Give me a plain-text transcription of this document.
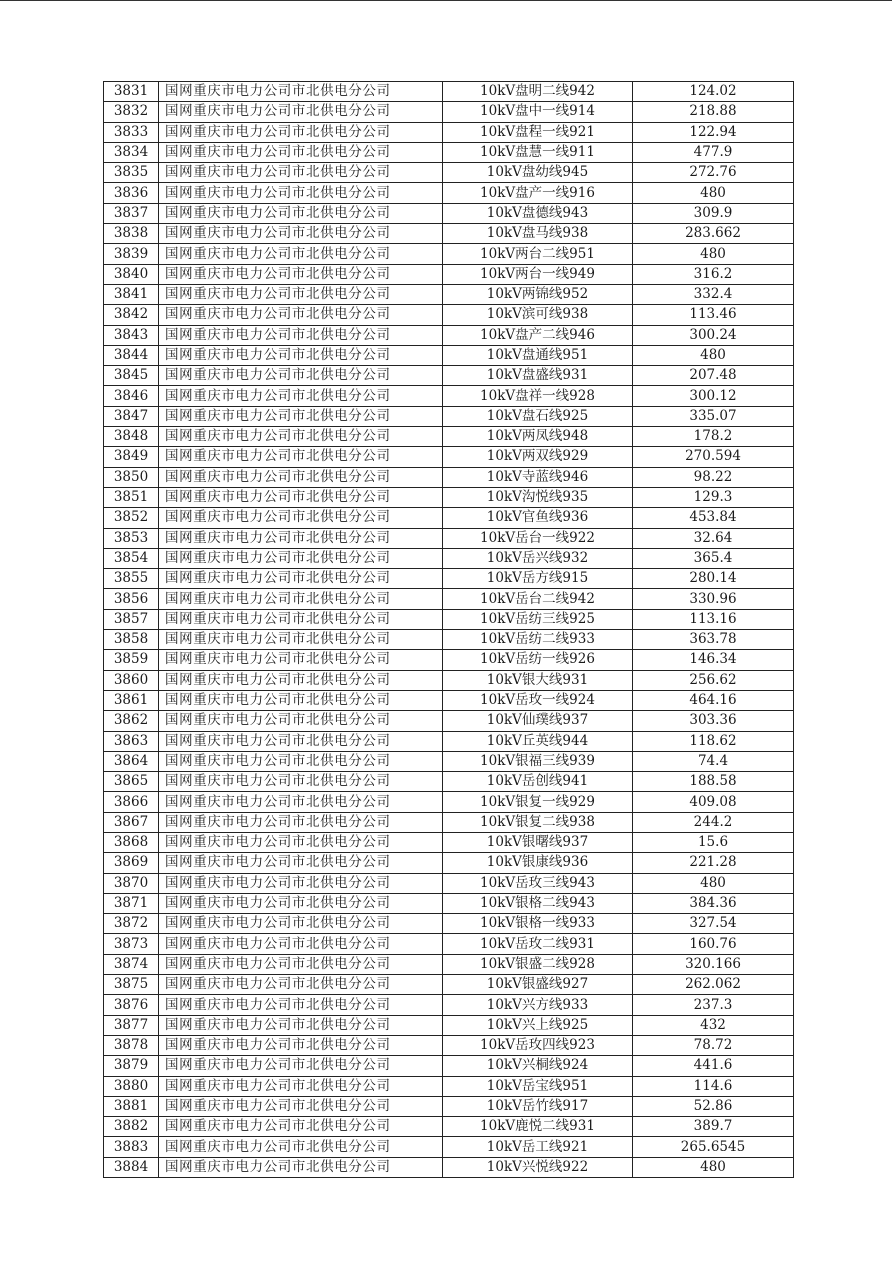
3831	国网重庆市电力公司市北供电分公司	10kV盘明二线942	124.02
3832	国网重庆市电力公司市北供电分公司	10kV盘中一线914	218.88
3833	国网重庆市电力公司市北供电分公司	10kV盘程一线921	122.94
3834	国网重庆市电力公司市北供电分公司	10kV盘慧一线911	477.9
3835	国网重庆市电力公司市北供电分公司	10kV盘幼线945	272.76
3836	国网重庆市电力公司市北供电分公司	10kV盘产一线916	480
3837	国网重庆市电力公司市北供电分公司	10kV盘德线943	309.9
3838	国网重庆市电力公司市北供电分公司	10kV盘马线938	283.662
3839	国网重庆市电力公司市北供电分公司	10kV两台二线951	480
3840	国网重庆市电力公司市北供电分公司	10kV两台一线949	316.2
3841	国网重庆市电力公司市北供电分公司	10kV两锦线952	332.4
3842	国网重庆市电力公司市北供电分公司	10kV滨可线938	113.46
3843	国网重庆市电力公司市北供电分公司	10kV盘产二线946	300.24
3844	国网重庆市电力公司市北供电分公司	10kV盘通线951	480
3845	国网重庆市电力公司市北供电分公司	10kV盘盛线931	207.48
3846	国网重庆市电力公司市北供电分公司	10kV盘祥一线928	300.12
3847	国网重庆市电力公司市北供电分公司	10kV盘石线925	335.07
3848	国网重庆市电力公司市北供电分公司	10kV两凤线948	178.2
3849	国网重庆市电力公司市北供电分公司	10kV两双线929	270.594
3850	国网重庆市电力公司市北供电分公司	10kV寺蓝线946	98.22
3851	国网重庆市电力公司市北供电分公司	10kV沟悦线935	129.3
3852	国网重庆市电力公司市北供电分公司	10kV官鱼线936	453.84
3853	国网重庆市电力公司市北供电分公司	10kV岳台一线922	32.64
3854	国网重庆市电力公司市北供电分公司	10kV岳兴线932	365.4
3855	国网重庆市电力公司市北供电分公司	10kV岳方线915	280.14
3856	国网重庆市电力公司市北供电分公司	10kV岳台二线942	330.96
3857	国网重庆市电力公司市北供电分公司	10kV岳纺三线925	113.16
3858	国网重庆市电力公司市北供电分公司	10kV岳纺二线933	363.78
3859	国网重庆市电力公司市北供电分公司	10kV岳纺一线926	146.34
3860	国网重庆市电力公司市北供电分公司	10kV银大线931	256.62
3861	国网重庆市电力公司市北供电分公司	10kV岳玫一线924	464.16
3862	国网重庆市电力公司市北供电分公司	10kV仙璞线937	303.36
3863	国网重庆市电力公司市北供电分公司	10kV丘英线944	118.62
3864	国网重庆市电力公司市北供电分公司	10kV银福三线939	74.4
3865	国网重庆市电力公司市北供电分公司	10kV岳创线941	188.58
3866	国网重庆市电力公司市北供电分公司	10kV银复一线929	409.08
3867	国网重庆市电力公司市北供电分公司	10kV银复二线938	244.2
3868	国网重庆市电力公司市北供电分公司	10kV银曙线937	15.6
3869	国网重庆市电力公司市北供电分公司	10kV银康线936	221.28
3870	国网重庆市电力公司市北供电分公司	10kV岳玫三线943	480
3871	国网重庆市电力公司市北供电分公司	10kV银格二线943	384.36
3872	国网重庆市电力公司市北供电分公司	10kV银格一线933	327.54
3873	国网重庆市电力公司市北供电分公司	10kV岳玫二线931	160.76
3874	国网重庆市电力公司市北供电分公司	10kV银盛二线928	320.166
3875	国网重庆市电力公司市北供电分公司	10kV银盛线927	262.062
3876	国网重庆市电力公司市北供电分公司	10kV兴方线933	237.3
3877	国网重庆市电力公司市北供电分公司	10kV兴上线925	432
3878	国网重庆市电力公司市北供电分公司	10kV岳玫四线923	78.72
3879	国网重庆市电力公司市北供电分公司	10kV兴桐线924	441.6
3880	国网重庆市电力公司市北供电分公司	10kV岳宝线951	114.6
3881	国网重庆市电力公司市北供电分公司	10kV岳竹线917	52.86
3882	国网重庆市电力公司市北供电分公司	10kV鹿悦二线931	389.7
3883	国网重庆市电力公司市北供电分公司	10kV岳工线921	265.6545
3884	国网重庆市电力公司市北供电分公司	10kV兴悦线922	480
